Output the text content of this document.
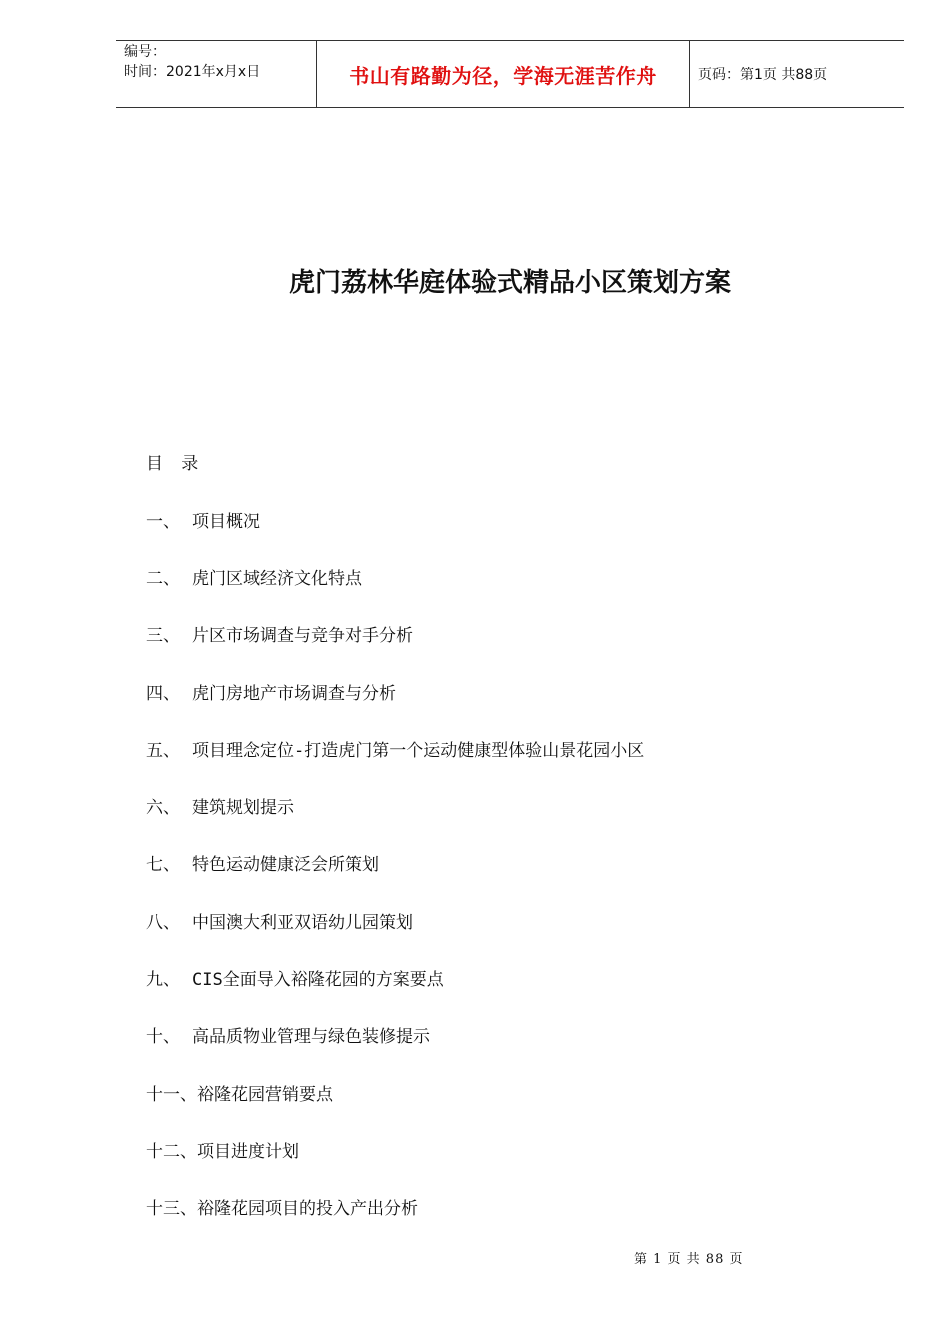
编号：
时间：2021年x月x日	书山有路勤为径，学海无涯苦作舟	页码：第1页 共88页
虎门荔林华庭体验式精品小区策划方案
目 录
一、 项目概况
二、 虎门区域经济文化特点
三、 片区市场调查与竞争对手分析
四、 虎门房地产市场调查与分析
五、 项目理念定位-打造虎门第一个运动健康型体验山景花园小区
六、 建筑规划提示
七、 特色运动健康泛会所策划
八、 中国澳大利亚双语幼儿园策划
九、 CIS全面导入裕隆花园的方案要点
十、 高品质物业管理与绿色装修提示
十一、裕隆花园营销要点
十二、项目进度计划
十三、裕隆花园项目的投入产出分析
第 1 页 共 88 页
